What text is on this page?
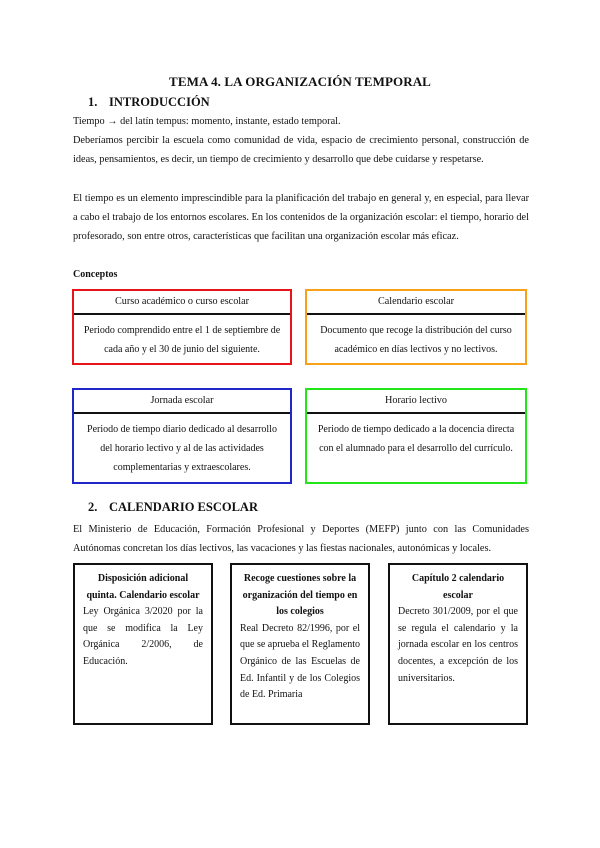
TEMA 4. LA ORGANIZACIÓN TEMPORAL
1. INTRODUCCIÓN
Tiempo → del latín tempus: momento, instante, estado temporal.
Deberíamos percibir la escuela como comunidad de vida, espacio de crecimiento personal, construcción de ideas, pensamientos, es decir, un tiempo de crecimiento y desarrollo que debe cuidarse y respetarse.
El tiempo es un elemento imprescindible para la planificación del trabajo en general y, en especial, para llevar a cabo el trabajo de los entornos escolares. En los contenidos de la organización escolar: el tiempo, horario del profesorado, son entre otros, características que facilitan una organización escolar más eficaz.
Conceptos
Curso académico o curso escolar
Periodo comprendido entre el 1 de septiembre de cada año y el 30 de junio del siguiente.
Calendario escolar
Documento que recoge la distribución del curso académico en días lectivos y no lectivos.
Jornada escolar
Periodo de tiempo diario dedicado al desarrollo del horario lectivo y al de las actividades complementarias y extraescolares.
Horario lectivo
Periodo de tiempo dedicado a la docencia directa con el alumnado para el desarrollo del currículo.
2. CALENDARIO ESCOLAR
El Ministerio de Educación, Formación Profesional y Deportes (MEFP) junto con las Comunidades Autónomas concretan los días lectivos, las vacaciones y las fiestas nacionales, autonómicas y locales.
Disposición adicional quinta. Calendario escolar
Ley Orgánica 3/2020 por la que se modifica la Ley Orgánica 2/2006, de Educación.
Recoge cuestiones sobre la organización del tiempo en los colegios
Real Decreto 82/1996, por el que se aprueba el Reglamento Orgánico de las Escuelas de Ed. Infantil y de los Colegios de Ed. Primaria
Capítulo 2 calendario escolar
Decreto 301/2009, por el que se regula el calendario y la jornada escolar en los centros docentes, a excepción de los universitarios.
